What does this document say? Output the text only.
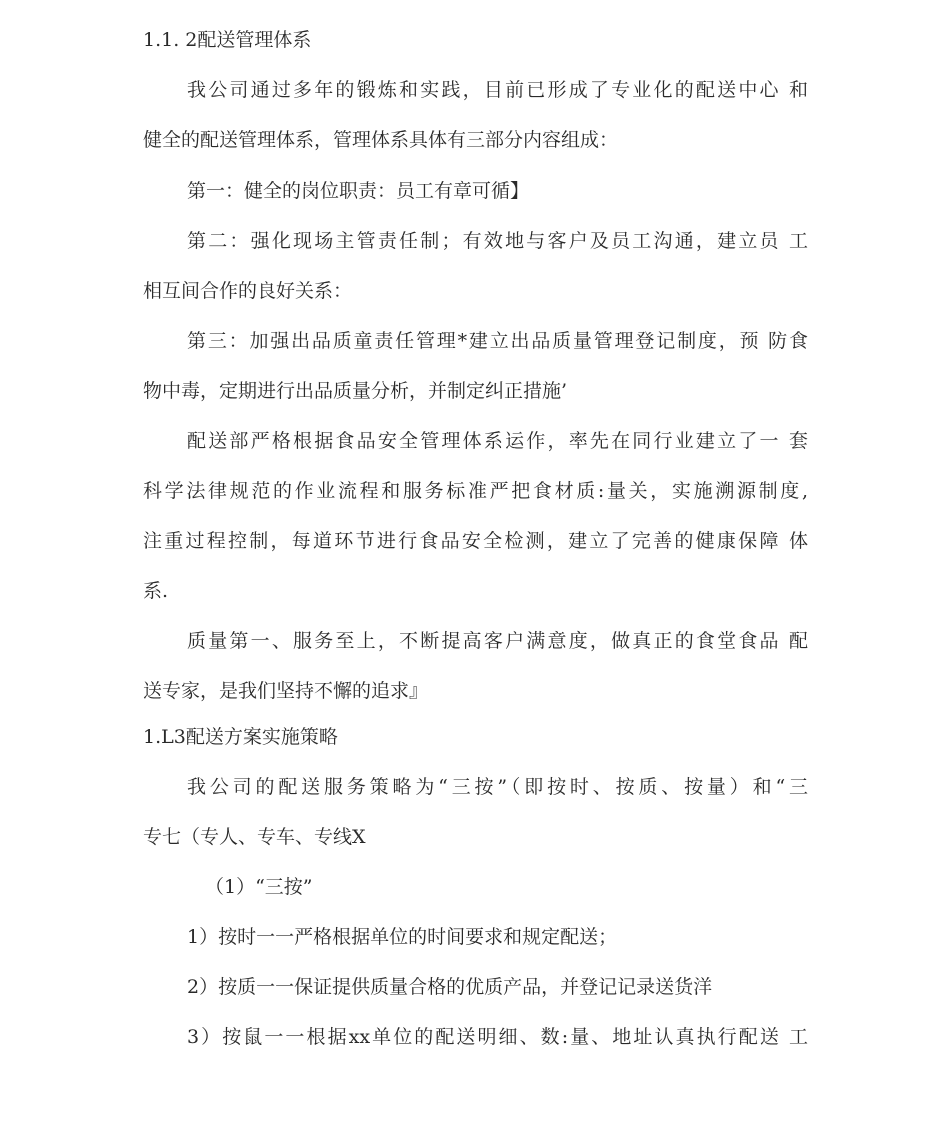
1.1. 2配送管理体系
我公司通过多年的锻炼和实践，目前已形成了专业化的配送中心 和
健全的配送管理体系，管理体系具体有三部分内容组成：
第一：健全的岗位职责：员工有章可循】
第二：强化现场主管责任制；有效地与客户及员工沟通，建立员 工
相互间合作的良好关系：
第三：加强出品质童责任管理*建立出品质量管理登记制度，预 防食
物中毒，定期进行出品质量分析，并制定纠正措施’
配送部严格根据食品安全管理体系运作，率先在同行业建立了一 套
科学法律规范的作业流程和服务标准严把食材质:量关，实施溯源制度,
注重过程控制，每道环节进行食品安全检测，建立了完善的健康保障 体
系.
质量第一、服务至上，不断提高客户满意度，做真正的食堂食品 配
送专家，是我们坚持不懈的追求』
1.L3配送方案实施策略
我公司的配送服务策略为“三按”（即按时、按质、按量）和“三
专七（专人、专车、专线X
（1）“三按”
1）按时一一严格根据单位的时间要求和规定配送；
2）按质一一保证提供质量合格的优质产品，并登记记录送货洋
3）按鼠一一根据xx单位的配送明细、数:量、地址认真执行配送 工
